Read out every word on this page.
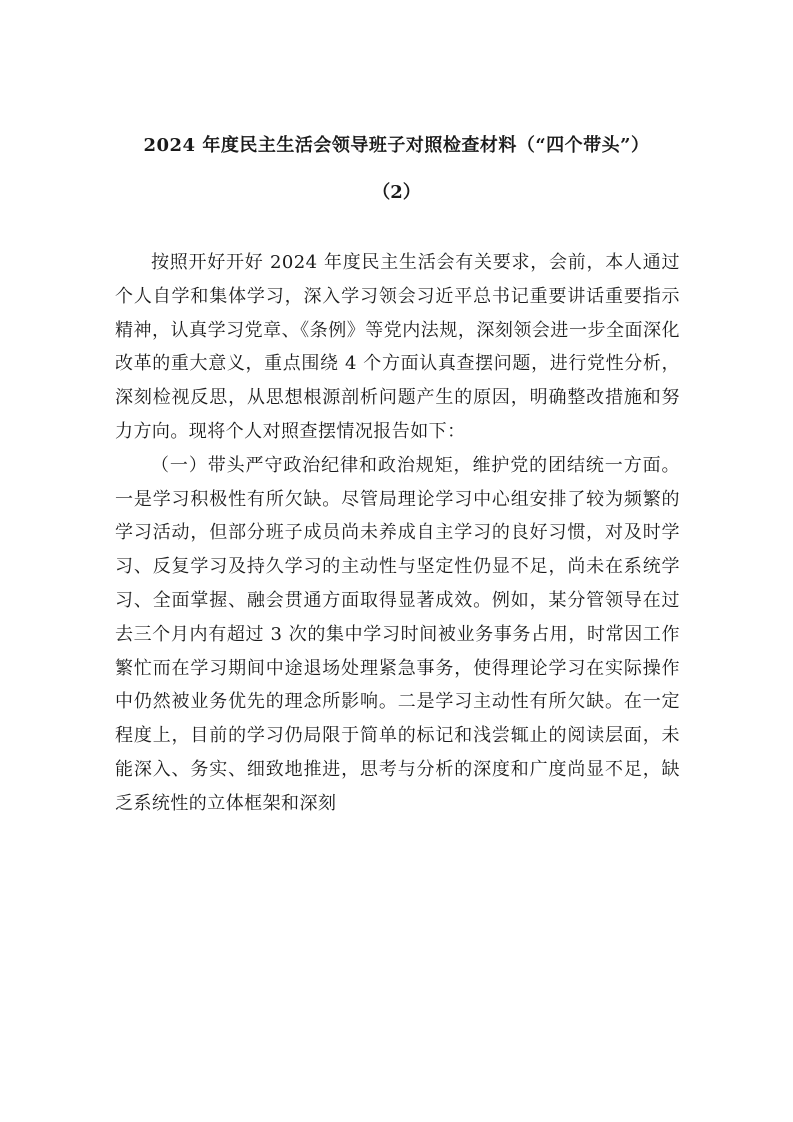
2024 年度民主生活会领导班子对照检查材料（“四个带头”）
（2）

按照开好开好 2024 年度民主生活会有关要求，会前，本人通过个人自学和集体学习，深入学习领会习近平总书记重要讲话重要指示精神，认真学习党章、《条例》等党内法规，深刻领会进一步全面深化改革的重大意义，重点围绕 4 个方面认真查摆问题，进行党性分析，深刻检视反思，从思想根源剖析问题产生的原因，明确整改措施和努力方向。现将个人对照查摆情况报告如下：

（一）带头严守政治纪律和政治规矩，维护党的团结统一方面。一是学习积极性有所欠缺。尽管局理论学习中心组安排了较为频繁的学习活动，但部分班子成员尚未养成自主学习的良好习惯，对及时学习、反复学习及持久学习的主动性与坚定性仍显不足，尚未在系统学习、全面掌握、融会贯通方面取得显著成效。例如，某分管领导在过去三个月内有超过 3 次的集中学习时间被业务事务占用，时常因工作繁忙而在学习期间中途退场处理紧急事务，使得理论学习在实际操作中仍然被业务优先的理念所影响。二是学习主动性有所欠缺。在一定程度上，目前的学习仍局限于简单的标记和浅尝辄止的阅读层面，未能深入、务实、细致地推进，思考与分析的深度和广度尚显不足，缺乏系统性的立体框架和深刻
